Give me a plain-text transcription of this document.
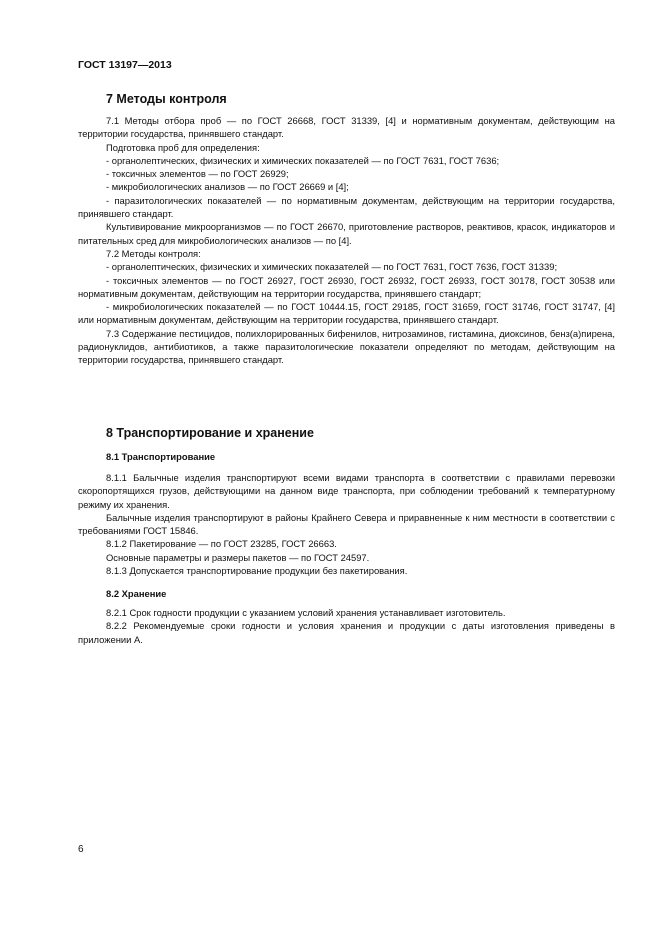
ГОСТ 13197—2013
7 Методы контроля

7.1 Методы отбора проб — по ГОСТ 26668, ГОСТ 31339, [4] и нормативным документам, действующим на территории государства, принявшего стандарт.

Подготовка проб для определения:

- органолептических, физических и химических показателей — по ГОСТ 7631, ГОСТ 7636;

- токсичных элементов — по ГОСТ 26929;

- микробиологических анализов — по ГОСТ 26669 и [4];

- паразитологических показателей — по нормативным документам, действующим на территории государства, принявшего стандарт.

Культивирование микроорганизмов — по ГОСТ 26670, приготовление растворов, реактивов, красок, индикаторов и питательных сред для микробиологических анализов — по [4].

7.2 Методы контроля:

- органолептических, физических и химических показателей — по ГОСТ 7631, ГОСТ 7636, ГОСТ 31339;

- токсичных элементов — по ГОСТ 26927, ГОСТ 26930, ГОСТ 26932, ГОСТ 26933, ГОСТ 30178, ГОСТ 30538 или нормативным документам, действующим на территории государства, принявшего стандарт;

- микробиологических показателей — по ГОСТ 10444.15, ГОСТ 29185, ГОСТ 31659, ГОСТ 31746, ГОСТ 31747, [4] или нормативным документам, действующим на территории государства, принявшего стандарт.

7.3 Содержание пестицидов, полихлорированных бифенилов, нитрозаминов, гистамина, диоксинов, бенз(а)пирена, радионуклидов, антибиотиков, а также паразитологические показатели определяют по методам, действующим на территории государства, принявшего стандарт.

8 Транспортирование и хранение
8.1 Транспортирование

8.1.1 Балычные изделия транспортируют всеми видами транспорта в соответствии с правилами перевозки скоропортящихся грузов, действующими на данном виде транспорта, при соблюдении требований к температурному режиму их хранения.

Балычные изделия транспортируют в районы Крайнего Севера и приравненные к ним местности в соответствии с требованиями ГОСТ 15846.

8.1.2 Пакетирование — по ГОСТ 23285, ГОСТ 26663.

Основные параметры и размеры пакетов — по ГОСТ 24597.

8.1.3 Допускается транспортирование продукции без пакетирования.

8.2 Хранение

8.2.1 Срок годности продукции с указанием условий хранения устанавливает изготовитель.

8.2.2 Рекомендуемые сроки годности и условия хранения и продукции с даты изготовления приведены в приложении А.

6
